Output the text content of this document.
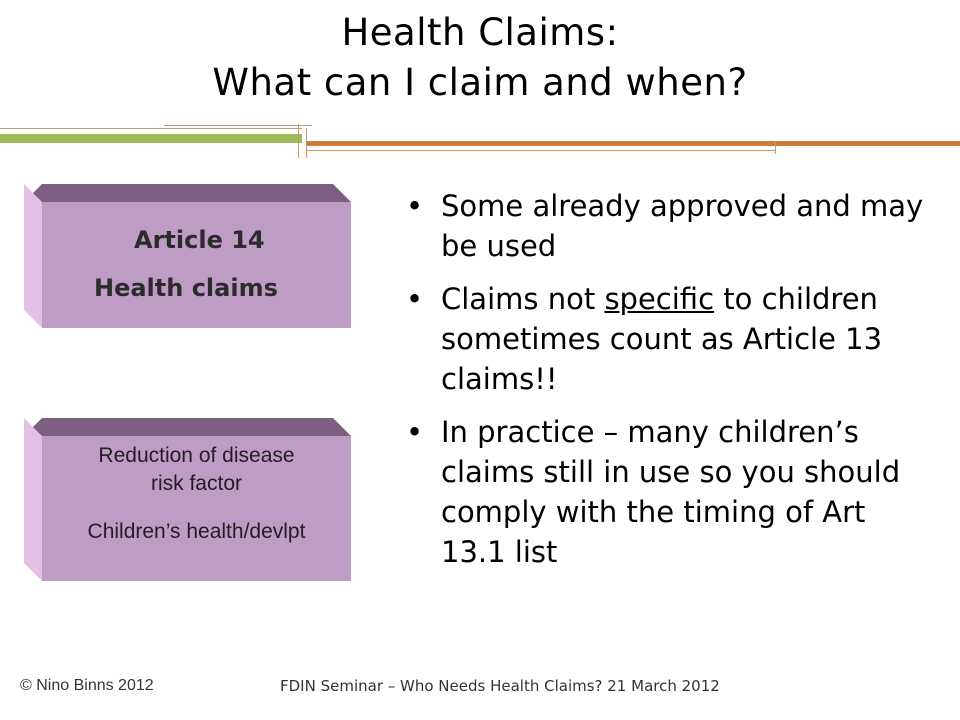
Health Claims:
What can I claim and when?
Article 14
Health claims
Reduction of disease
risk factor
Children’s health/devlpt
• Some already approved and may be used
• Claims not specific to children sometimes count as Article 13 claims!!
• In practice – many children’s claims still in use so you should comply with the timing of Art 13.1 list
© Nino Binns 2012	FDIN Seminar – Who Needs Health Claims? 21 March 2012
